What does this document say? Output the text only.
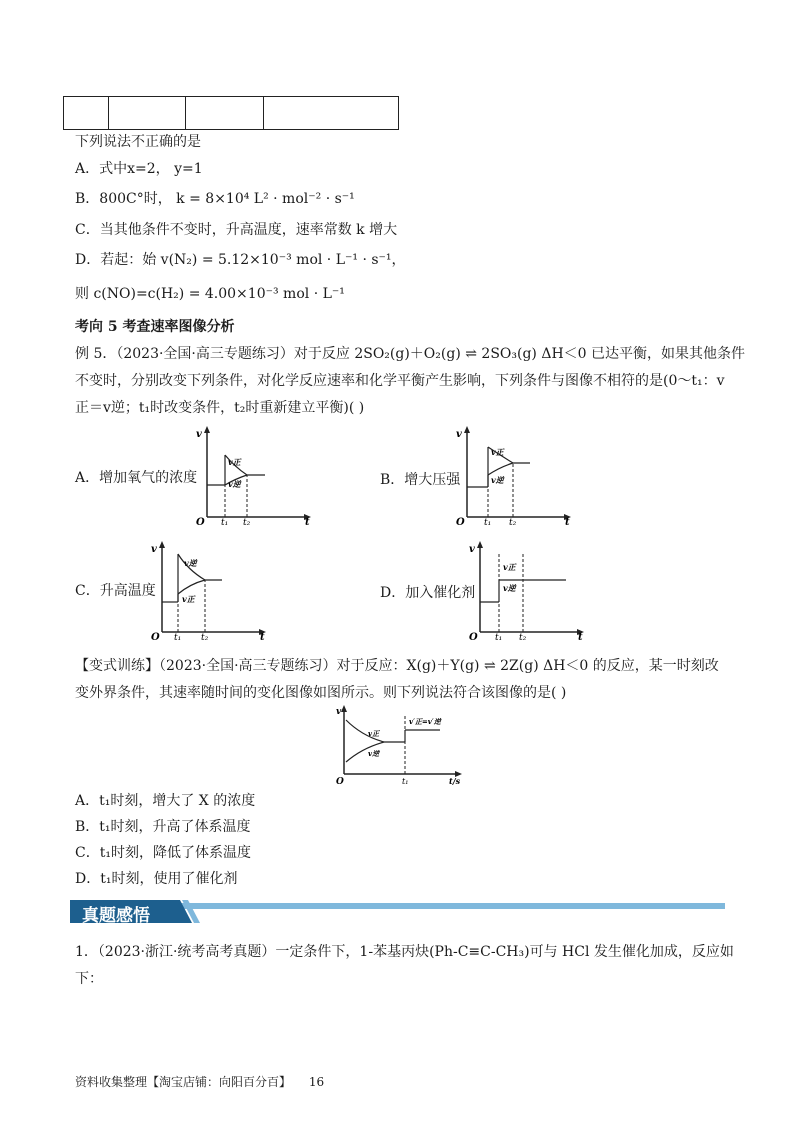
下列说法不正确的是
A．式中x=2， y=1
B．800C°时， k = 8×10⁴ L² · mol⁻² · s⁻¹
C．当其他条件不变时，升高温度，速率常数 k 增大
D．若起：始 v(N₂) = 5.12×10⁻³ mol · L⁻¹ · s⁻¹，
则 c(NO)=c(H₂) = 4.00×10⁻³ mol · L⁻¹
考向 5 考查速率图像分析
例 5．（2023·全国·高三专题练习）对于反应 2SO₂(g)＋O₂(g) ⇌ 2SO₃(g) ΔH＜0 已达平衡，如果其他条件
不变时，分别改变下列条件，对化学反应速率和化学平衡产生影响，下列条件与图像不相符的是(0～t₁：v
正＝v逆；t₁时改变条件，t₂时重新建立平衡)( )
A．增加氧气的浓度
v
O	t
t₁ t₂
v正
v逆	B．增大压强
v
O	t
t₁ t₂
v正
v逆
C．升高温度
v
O	t
t₁ t₂
v逆
v正	D．加入催化剂
v
O	t
t₁ t₂
v正
v逆
【变式训练】（2023·全国·高三专题练习）对于反应：X(g)＋Y(g) ⇌ 2Z(g) ΔH＜0 的反应，某一时刻改
变外界条件，其速率随时间的变化图像如图所示。则下列说法符合该图像的是( )
v
O	t₁	t/s
v正
v逆
v′正=v′逆
A．t₁时刻，增大了 X 的浓度
B．t₁时刻，升高了体系温度
C．t₁时刻，降低了体系温度
D．t₁时刻，使用了催化剂
真题感悟
1．（2023·浙江·统考高考真题）一定条件下，1-苯基丙炔(Ph-C≡C-CH₃)可与 HCl 发生催化加成，反应如
下：
资料收集整理【淘宝店铺：向阳百分百】 16
